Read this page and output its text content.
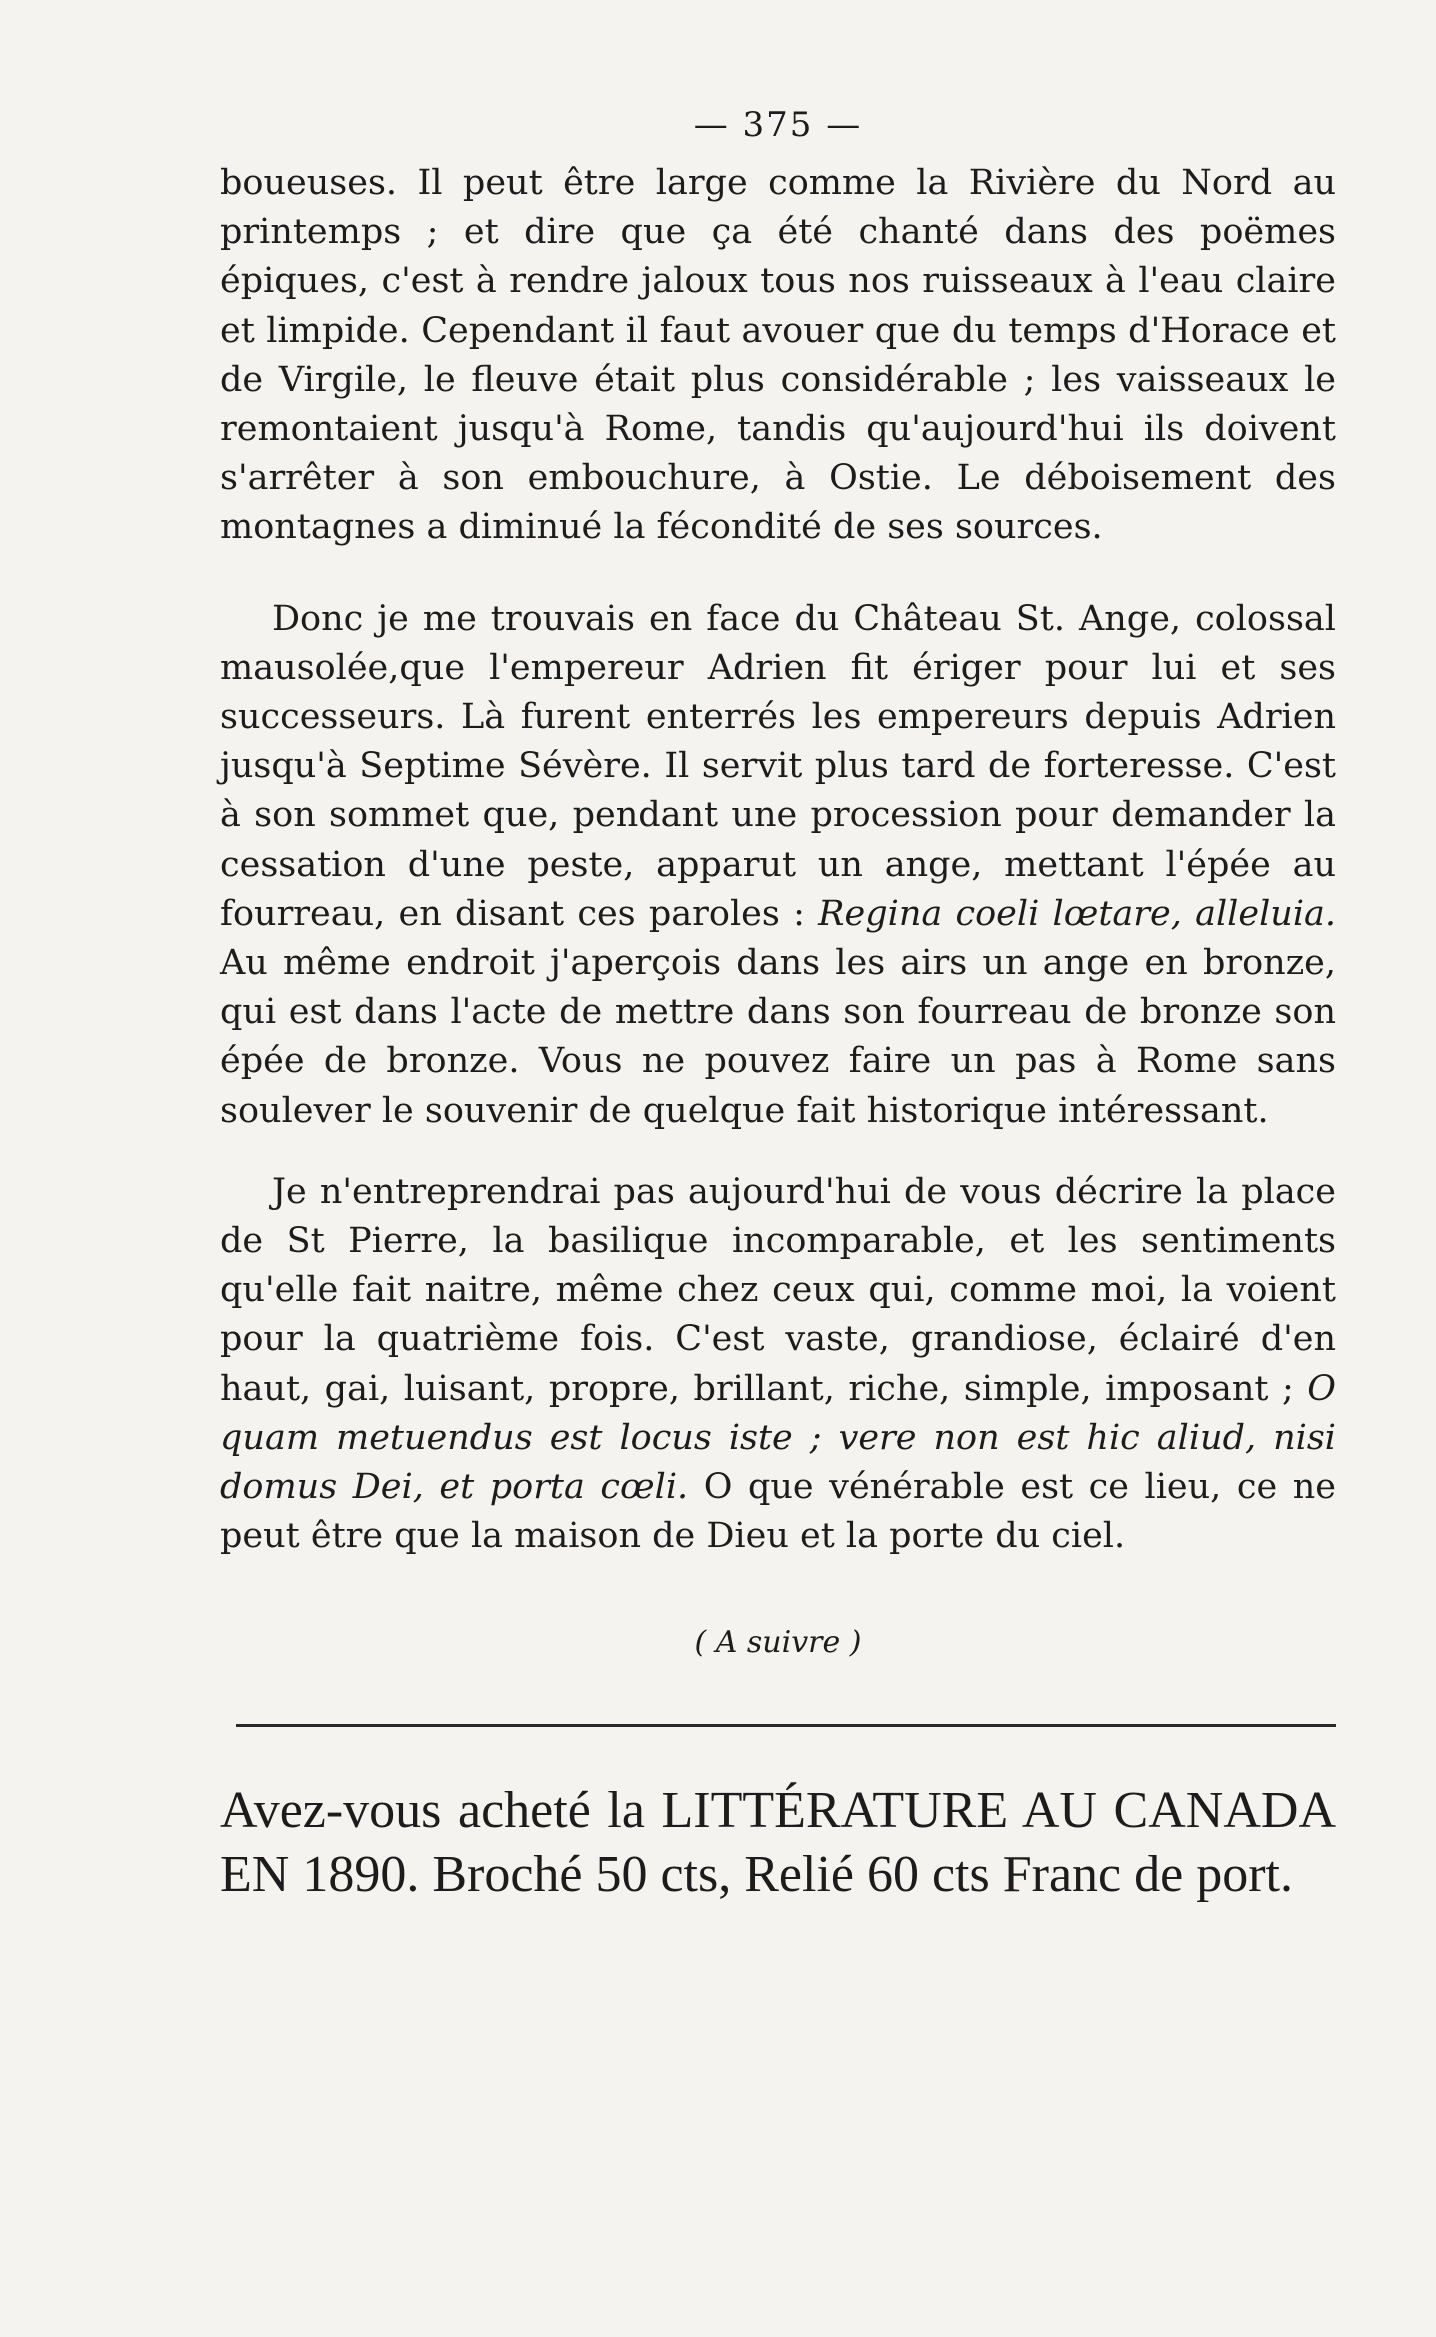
— 375 —

boueuses. Il peut être large comme la Rivière du Nord au printemps ; et dire que ça été chanté dans des poëmes épiques, c'est à rendre jaloux tous nos ruisseaux à l'eau claire et limpide. Cependant il faut avouer que du temps d'Horace et de Virgile, le fleuve était plus considérable ; les vaisseaux le remontaient jusqu'à Rome, tandis qu'aujourd'hui ils doivent s'arrêter à son embouchure, à Ostie. Le déboisement des montagnes a diminué la fécondité de ses sources.

Donc je me trouvais en face du Château St. Ange, colossal mausolée,que l'empereur Adrien fit ériger pour lui et ses successeurs. Là furent enterrés les empereurs depuis Adrien jusqu'à Septime Sévère. Il servit plus tard de forteresse. C'est à son sommet que, pendant une procession pour demander la cessation d'une peste, apparut un ange, mettant l'épée au fourreau, en disant ces paroles : Regina coeli lœtare, alleluia. Au même endroit j'aperçois dans les airs un ange en bronze, qui est dans l'acte de mettre dans son fourreau de bronze son épée de bronze. Vous ne pouvez faire un pas à Rome sans soulever le souvenir de quelque fait historique intéressant.

Je n'entreprendrai pas aujourd'hui de vous décrire la place de St Pierre, la basilique incomparable, et les sentiments qu'elle fait naitre, même chez ceux qui, comme moi, la voient pour la quatrième fois. C'est vaste, grandiose, éclairé d'en haut, gai, luisant, propre, brillant, riche, simple, imposant ; O quam metuendus est locus iste ; vere non est hic aliud, nisi domus Dei, et porta cœli. O que vénérable est ce lieu, ce ne peut être que la maison de Dieu et la porte du ciel.

( A suivre )
Avez-vous acheté la LITTÉRATURE AU CANADA EN 1890. Broché 50 cts, Relié 60 cts Franc de port.
